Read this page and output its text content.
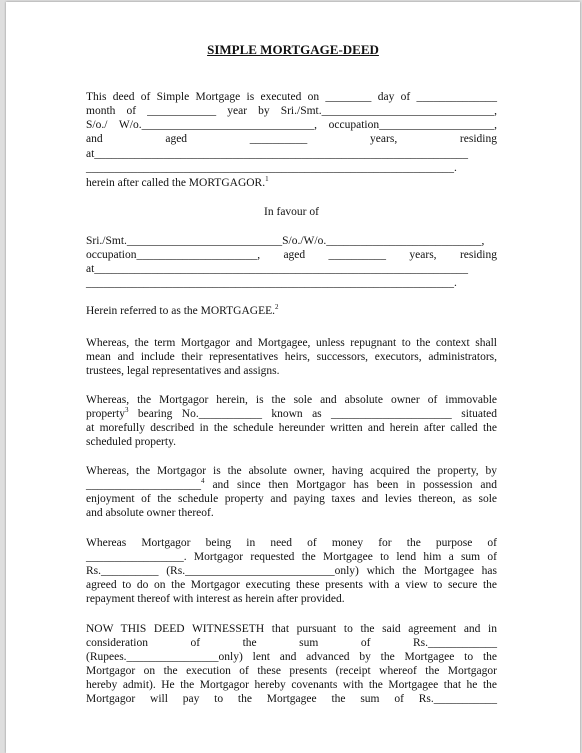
SIMPLE MORTGAGE-DEED
This deed of Simple Mortgage is executed on ________ day of ______________
month of ____________ year by Sri./Smt.______________________________,
S/o./ W/o.______________________________, occupation____________________,
and aged __________ years, residing
at_________________________________________________________________
________________________________________________________________.
herein after called the MORTGAGOR.$^1$
In favour of
Sri./Smt.___________________________S/o./W/o.___________________________,
occupation_____________________, aged __________ years, residing
at_________________________________________________________________
________________________________________________________________.
Herein referred to as the MORTGAGEE.$^2$
Whereas, the term Mortgagor and Mortgagee, unless repugnant to the context shall
mean and include their representatives heirs, successors, executors, administrators,
trustees, legal representatives and assigns.
Whereas, the Mortgagor herein, is the sole and absolute owner of immovable
property$^3$ bearing No.___________ known as _____________________ situated
at morefully described in the schedule hereunder written and herein after called the
scheduled property.
Whereas, the Mortgagor is the absolute owner, having acquired the property, by
____________________$^4$ and since then Mortgagor has been in possession and
enjoyment of the schedule property and paying taxes and levies thereon, as sole
and absolute owner thereof.
Whereas Mortgagor being in need of money for the purpose of
_________________. Mortgagor requested the Mortgagee to lend him a sum of
Rs.__________ (Rs.__________________________only) which the Mortgagee has
agreed to do on the Mortgagor executing these presents with a view to secure the
repayment thereof with interest as herein after provided.
NOW THIS DEED WITNESSETH that pursuant to the said agreement and in
consideration of the sum of Rs.____________
(Rupees.________________only) lent and advanced by the Mortgagee to the
Mortgagor on the execution of these presents (receipt whereof the Mortgagor
hereby admit). He the Mortgagor hereby covenants with the Mortgagee that he the
Mortgagor will pay to the Mortgagee the sum of Rs.___________
